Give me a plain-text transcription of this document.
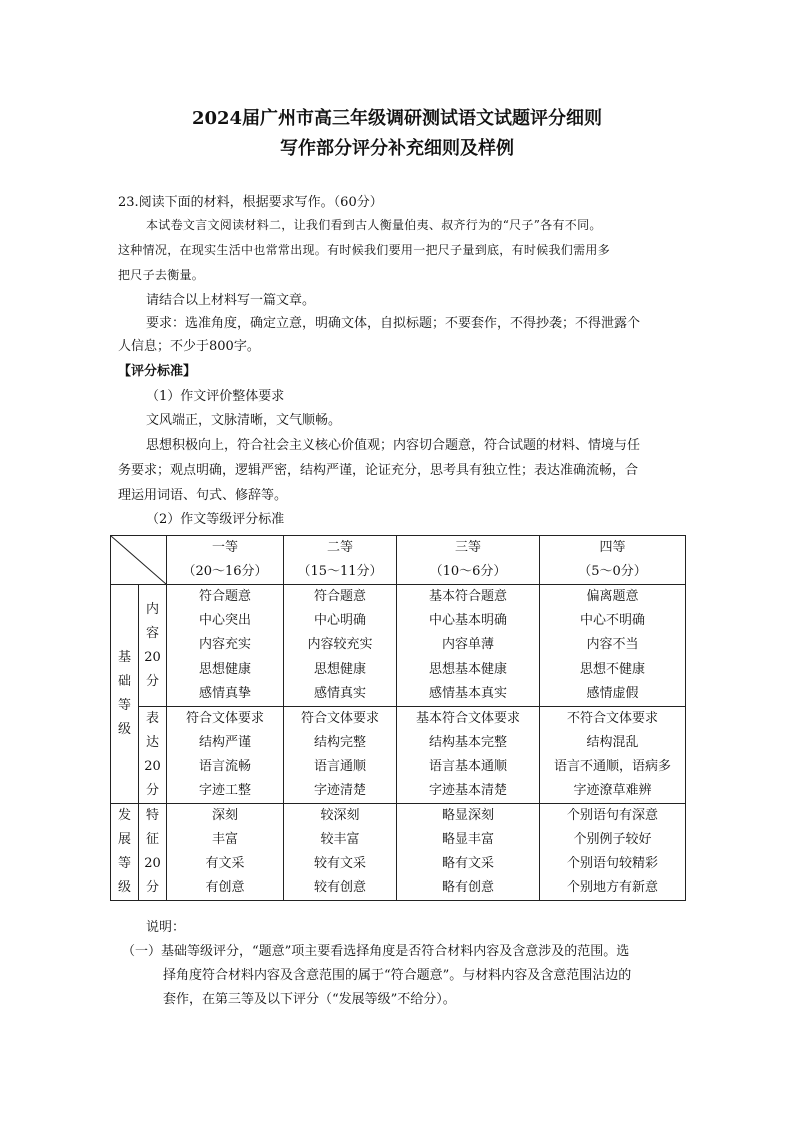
2024届广州市高三年级调研测试语文试题评分细则
写作部分评分补充细则及样例
23.阅读下面的材料，根据要求写作。（60分）
本试卷文言文阅读材料二，让我们看到古人衡量伯夷、叔齐行为的“尺子”各有不同。
这种情况，在现实生活中也常常出现。有时候我们要用一把尺子量到底，有时候我们需用多
把尺子去衡量。
请结合以上材料写一篇文章。
要求：选准角度，确定立意，明确文体，自拟标题；不要套作，不得抄袭；不得泄露个
人信息；不少于800字。
【评分标准】
（1）作文评价整体要求
文风端正，文脉清晰，文气顺畅。
思想积极向上，符合社会主义核心价值观；内容切合题意，符合试题的材料、情境与任
务要求；观点明确，逻辑严密，结构严谨，论证充分，思考具有独立性；表达准确流畅，合
理运用词语、句式、修辞等。
（2）作文等级评分标准

一等
（20～16分）	二等
（15～11分）	三等
（10～6分）	四等
（5～0分）

基
础
等
级	内
容
20
分	符合题意
中心突出
内容充实
思想健康
感情真挚	符合题意
中心明确
内容较充实
思想健康
感情真实	基本符合题意
中心基本明确
内容单薄
思想基本健康
感情基本真实	偏离题意
中心不明确
内容不当
思想不健康
感情虚假

	表
达
20
分	符合文体要求
结构严谨
语言流畅
字迹工整	符合文体要求
结构完整
语言通顺
字迹清楚	基本符合文体要求
结构基本完整
语言基本通顺
字迹基本清楚	不符合文体要求
结构混乱
语言不通顺，语病多
字迹潦草难辨

发
展
等
级	特
征
20
分	深刻
丰富
有文采
有创意	较深刻
较丰富
较有文采
较有创意	略显深刻
略显丰富
略有文采
略有创意	个别语句有深意
个别例子较好
个别语句较精彩
个别地方有新意
说明：
（一）基础等级评分，“题意”项主要看选择角度是否符合材料内容及含意涉及的范围。选
择角度符合材料内容及含意范围的属于“符合题意”。与材料内容及含意范围沾边的
套作，在第三等及以下评分（“发展等级”不给分）。
